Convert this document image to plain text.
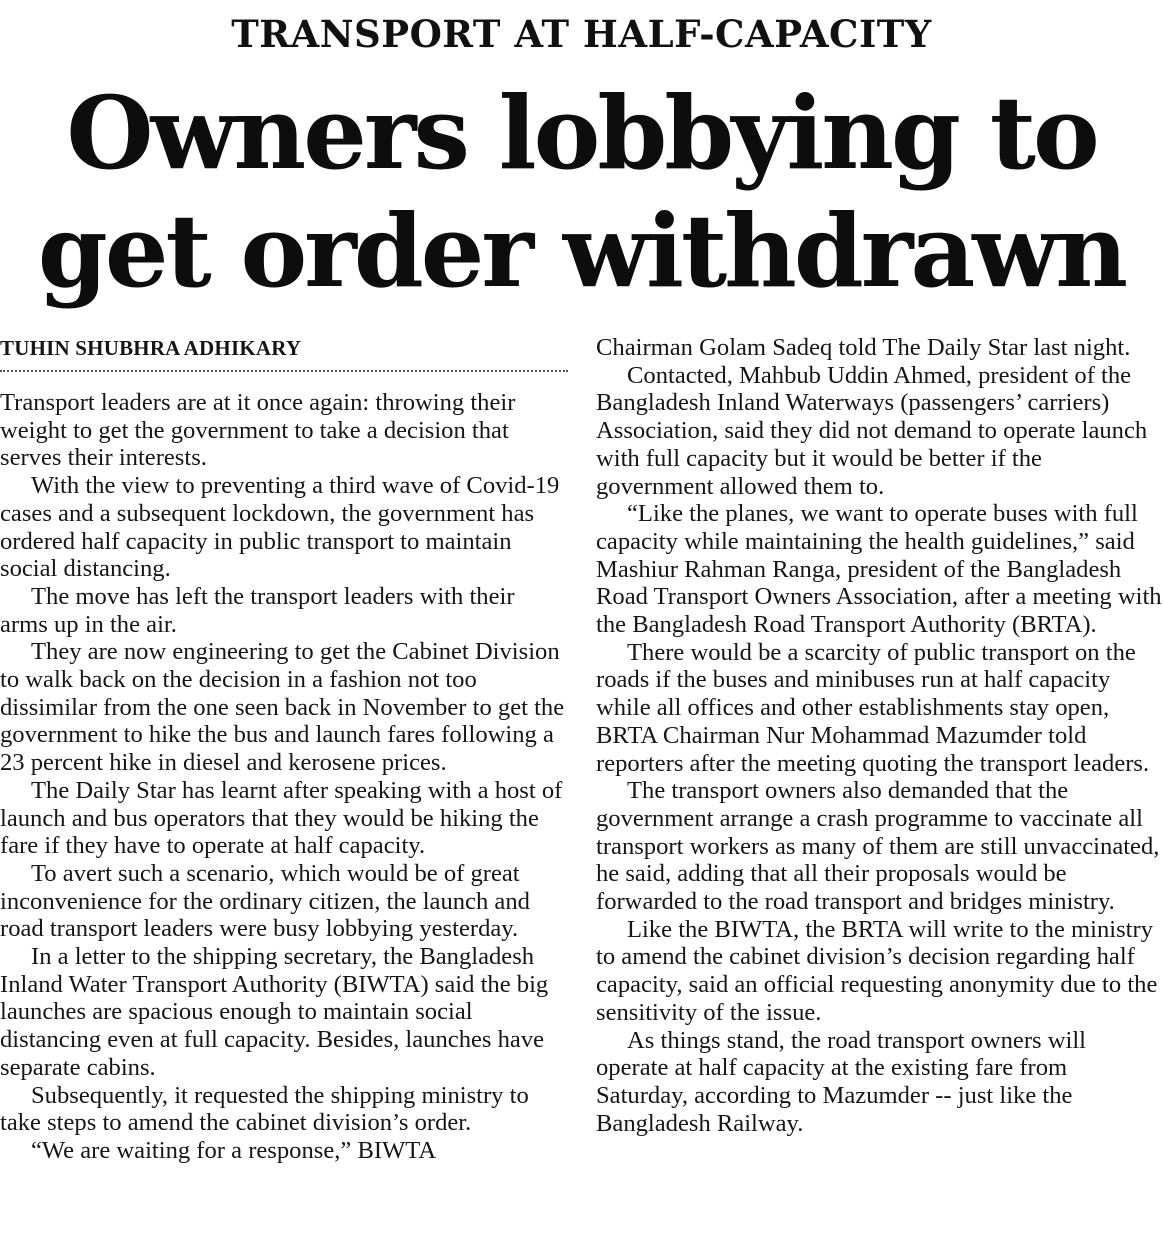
TRANSPORT AT HALF-CAPACITY
Owners lobbying to
get order withdrawn
TUHIN SHUBHRA ADHIKARY

Transport leaders are at it once again: throwing their weight to get the government to take a decision that serves their interests.

With the view to preventing a third wave of Covid-19 cases and a subsequent lockdown, the government has ordered half capacity in public transport to maintain social distancing.

The move has left the transport leaders with their arms up in the air.

They are now engineering to get the Cabinet Division to walk back on the decision in a fashion not too dissimilar from the one seen back in November to get the government to hike the bus and launch fares following a 23 percent hike in diesel and kerosene prices.

The Daily Star has learnt after speaking with a host of launch and bus operators that they would be hiking the fare if they have to operate at half capacity.

To avert such a scenario, which would be of great inconvenience for the ordinary citizen, the launch and road transport leaders were busy lobbying yesterday.

In a letter to the shipping secretary, the Bangladesh Inland Water Transport Authority (BIWTA) said the big launches are spacious enough to maintain social distancing even at full capacity. Besides, launches have separate cabins.

Subsequently, it requested the shipping ministry to take steps to amend the cabinet division’s order.

“We are waiting for a response,” BIWTA

Chairman Golam Sadeq told The Daily Star last night.

Contacted, Mahbub Uddin Ahmed, president of the Bangladesh Inland Waterways (passengers’ carriers) Association, said they did not demand to operate launch with full capacity but it would be better if the government allowed them to.

“Like the planes, we want to operate buses with full capacity while maintaining the health guidelines,” said Mashiur Rahman Ranga, president of the Bangladesh Road Transport Owners Association, after a meeting with the Bangladesh Road Transport Authority (BRTA).

There would be a scarcity of public transport on the roads if the buses and minibuses run at half capacity while all offices and other establishments stay open, BRTA Chairman Nur Mohammad Mazumder told reporters after the meeting quoting the transport leaders.

The transport owners also demanded that the government arrange a crash programme to vaccinate all transport workers as many of them are still unvaccinated, he said, adding that all their proposals would be forwarded to the road transport and bridges ministry.

Like the BIWTA, the BRTA will write to the ministry to amend the cabinet division’s decision regarding half capacity, said an official requesting anonymity due to the sensitivity of the issue.

As things stand, the road transport owners will operate at half capacity at the existing fare from Saturday, according to Mazumder -- just like the Bangladesh Railway.
